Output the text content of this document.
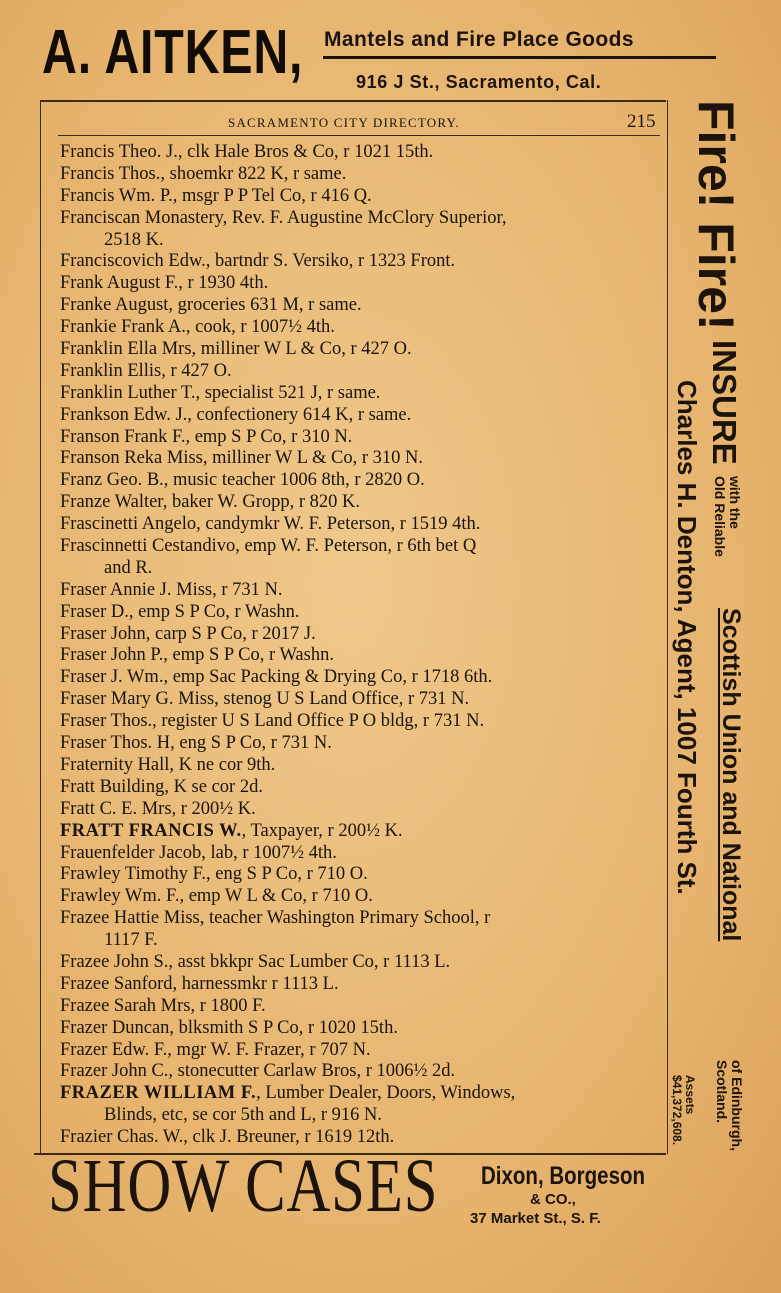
A. AITKEN, Mantels and Fire Place Goods
916 J St., Sacramento, Cal.
SACRAMENTO CITY DIRECTORY.	215
Francis Theo. J., clk Hale Bros & Co, r 1021 15th.
Francis Thos., shoemkr 822 K, r same.
Francis Wm. P., msgr P P Tel Co, r 416 Q.
Franciscan Monastery, Rev. F. Augustine McClory Superior,
2518 K.
Franciscovich Edw., bartndr S. Versiko, r 1323 Front.
Frank August F., r 1930 4th.
Franke August, groceries 631 M, r same.
Frankie Frank A., cook, r 1007½ 4th.
Franklin Ella Mrs, milliner W L & Co, r 427 O.
Franklin Ellis, r 427 O.
Franklin Luther T., specialist 521 J, r same.
Frankson Edw. J., confectionery 614 K, r same.
Franson Frank F., emp S P Co, r 310 N.
Franson Reka Miss, milliner W L & Co, r 310 N.
Franz Geo. B., music teacher 1006 8th, r 2820 O.
Franze Walter, baker W. Gropp, r 820 K.
Frascinetti Angelo, candymkr W. F. Peterson, r 1519 4th.
Frascinnetti Cestandivo, emp W. F. Peterson, r 6th bet Q
and R.
Fraser Annie J. Miss, r 731 N.
Fraser D., emp S P Co, r Washn.
Fraser John, carp S P Co, r 2017 J.
Fraser John P., emp S P Co, r Washn.
Fraser J. Wm., emp Sac Packing & Drying Co, r 1718 6th.
Fraser Mary G. Miss, stenog U S Land Office, r 731 N.
Fraser Thos., register U S Land Office P O bldg, r 731 N.
Fraser Thos. H, eng S P Co, r 731 N.
Fraternity Hall, K ne cor 9th.
Fratt Building, K se cor 2d.
Fratt C. E. Mrs, r 200½ K.
FRATT FRANCIS W., Taxpayer, r 200½ K.
Frauenfelder Jacob, lab, r 1007½ 4th.
Frawley Timothy F., eng S P Co, r 710 O.
Frawley Wm. F., emp W L & Co, r 710 O.
Frazee Hattie Miss, teacher Washington Primary School, r
1117 F.
Frazee John S., asst bkkpr Sac Lumber Co, r 1113 L.
Frazee Sanford, harnessmkr r 1113 L.
Frazee Sarah Mrs, r 1800 F.
Frazer Duncan, blksmith S P Co, r 1020 15th.
Frazer Edw. F., mgr W. F. Frazer, r 707 N.
Frazer John C., stonecutter Carlaw Bros, r 1006½ 2d.
FRAZER WILLIAM F., Lumber Dealer, Doors, Windows,
Blinds, etc, se cor 5th and L, r 916 N.
Frazier Chas. W., clk J. Breuner, r 1619 12th.
SHOW CASES Dixon, Borgeson
& CO.,
37 Market St., S. F.
Fire! Fire!
INSURE
with the
Old Reliable
Charles H. Denton, Agent, 1007 Fourth St. Scottish Union and National
of Edinburgh,
Scotland.
Assets
$41,372,608.
